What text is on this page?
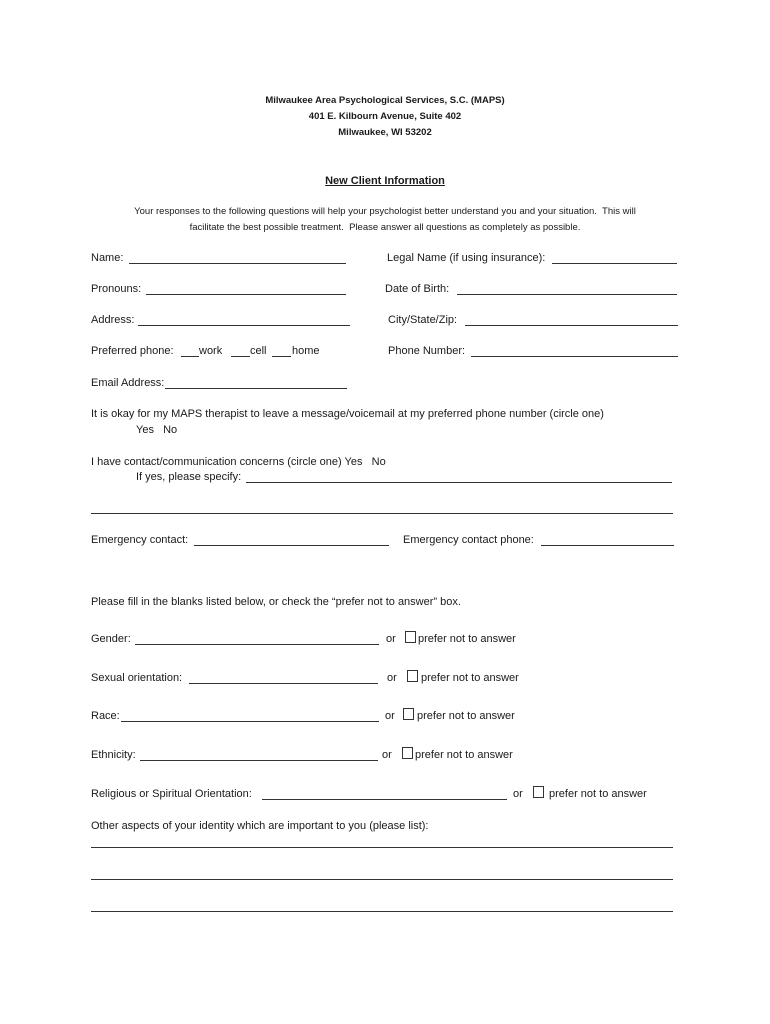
Milwaukee Area Psychological Services, S.C. (MAPS)
401 E. Kilbourn Avenue, Suite 402
Milwaukee, WI 53202
New Client Information
Your responses to the following questions will help your psychologist better understand you and your situation.  This will
facilitate the best possible treatment.  Please answer all questions as completely as possible.
Name:	Legal Name (if using insurance):
Pronouns:	Date of Birth:
Address:	City/State/Zip:
Preferred phone: work	cell home	Phone Number:
Email Address:
It is okay for my MAPS therapist to leave a message/voicemail at my preferred phone number (circle one)
Yes   No
I have contact/communication concerns (circle one) Yes   No
If yes, please specify:
Emergency contact:	Emergency contact phone:
Please fill in the blanks listed below, or check the “prefer not to answer” box.
Gender:	or prefer not to answer
Sexual orientation:	or prefer not to answer
Race:	or prefer not to answer
Ethnicity:	or prefer not to answer
Religious or Spiritual Orientation:	or prefer not to answer
Other aspects of your identity which are important to you (please list):
